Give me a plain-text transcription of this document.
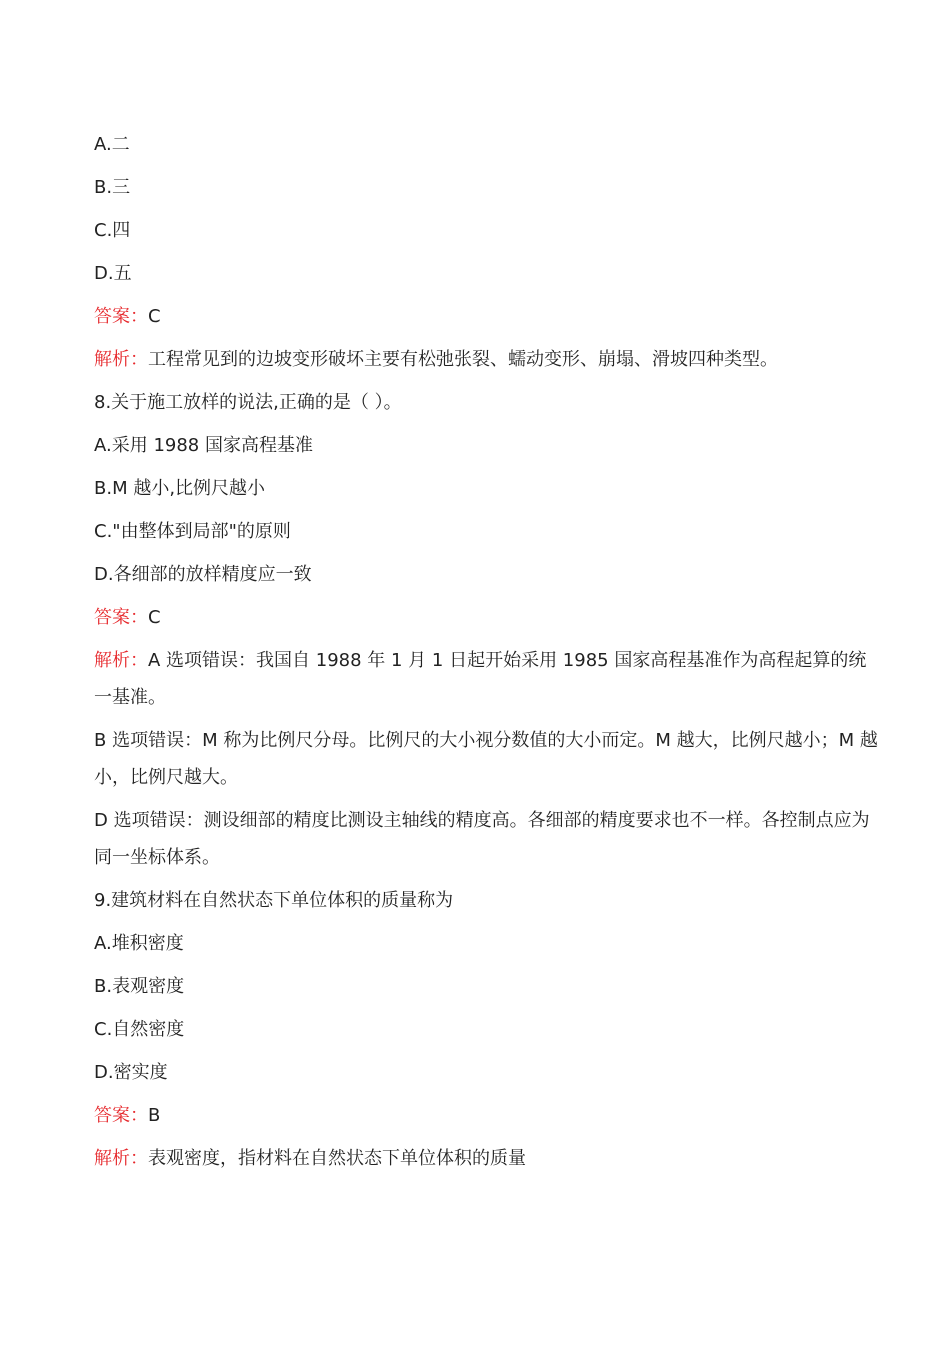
A.二
B.三
C.四
D.五
答案：C
解析：工程常见到的边坡变形破坏主要有松弛张裂、蠕动变形、崩塌、滑坡四种类型。
8.关于施工放样的说法,正确的是（ ）。
A.采用 1988 国家高程基准
B.M 越小,比例尺越小
C."由整体到局部"的原则
D.各细部的放样精度应一致
答案：C
解析：A 选项错误：我国自 1988 年 1 月 1 日起开始采用 1985 国家高程基准作为高程起算的统一基准。
B 选项错误：M 称为比例尺分母。比例尺的大小视分数值的大小而定。M 越大，比例尺越小；M 越小，比例尺越大。
D 选项错误：测设细部的精度比测设主轴线的精度高。各细部的精度要求也不一样。各控制点应为同一坐标体系。
9.建筑材料在自然状态下单位体积的质量称为
A.堆积密度
B.表观密度
C.自然密度
D.密实度
答案：B
解析：表观密度，指材料在自然状态下单位体积的质量
